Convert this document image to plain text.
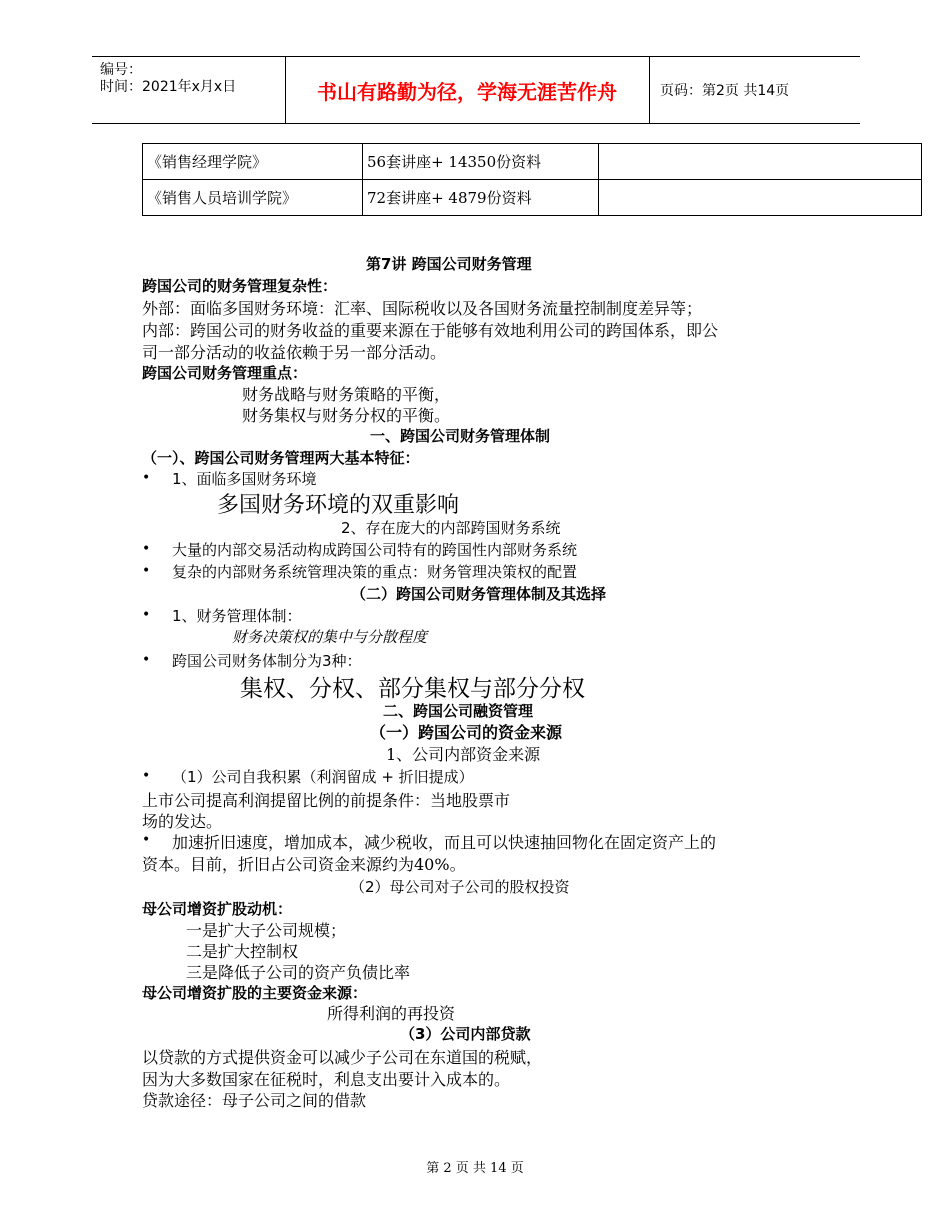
编号：
时间：2021年x月x日	书山有路勤为径，学海无涯苦作舟	页码：第2页 共14页
《销售经理学院》	56套讲座+ 14350份资料	
《销售人员培训学院》	72套讲座+ 4879份资料	
第7讲 跨国公司财务管理
跨国公司的财务管理复杂性：
外部：面临多国财务环境：汇率、国际税收以及各国财务流量控制制度差异等；
内部：跨国公司的财务收益的重要来源在于能够有效地利用公司的跨国体系，即公
司一部分活动的收益依赖于另一部分活动。
跨国公司财务管理重点：
财务战略与财务策略的平衡，
财务集权与财务分权的平衡。
一、跨国公司财务管理体制
（一）、跨国公司财务管理两大基本特征：
• 1、面临多国财务环境
多国财务环境的双重影响
2、存在庞大的内部跨国财务系统
• 大量的内部交易活动构成跨国公司特有的跨国性内部财务系统
• 复杂的内部财务系统管理决策的重点：财务管理决策权的配置
（二）跨国公司财务管理体制及其选择
• 1、财务管理体制：
财务决策权的集中与分散程度
• 跨国公司财务体制分为3种：
集权、分权、部分集权与部分分权
二、跨国公司融资管理
（一）跨国公司的资金来源
1、公司内部资金来源
• （1）公司自我积累（利润留成 + 折旧提成）
上市公司提高利润提留比例的前提条件：当地股票市
场的发达。
• 加速折旧速度，增加成本，减少税收，而且可以快速抽回物化在固定资产上的
资本。目前，折旧占公司资金来源约为40%。
（2）母公司对子公司的股权投资
母公司增资扩股动机：
一是扩大子公司规模；
二是扩大控制权
三是降低子公司的资产负债比率
母公司增资扩股的主要资金来源：
所得利润的再投资
（3）公司内部贷款
以贷款的方式提供资金可以减少子公司在东道国的税赋，
因为大多数国家在征税时，利息支出要计入成本的。
贷款途径：母子公司之间的借款
第 2 页 共 14 页
